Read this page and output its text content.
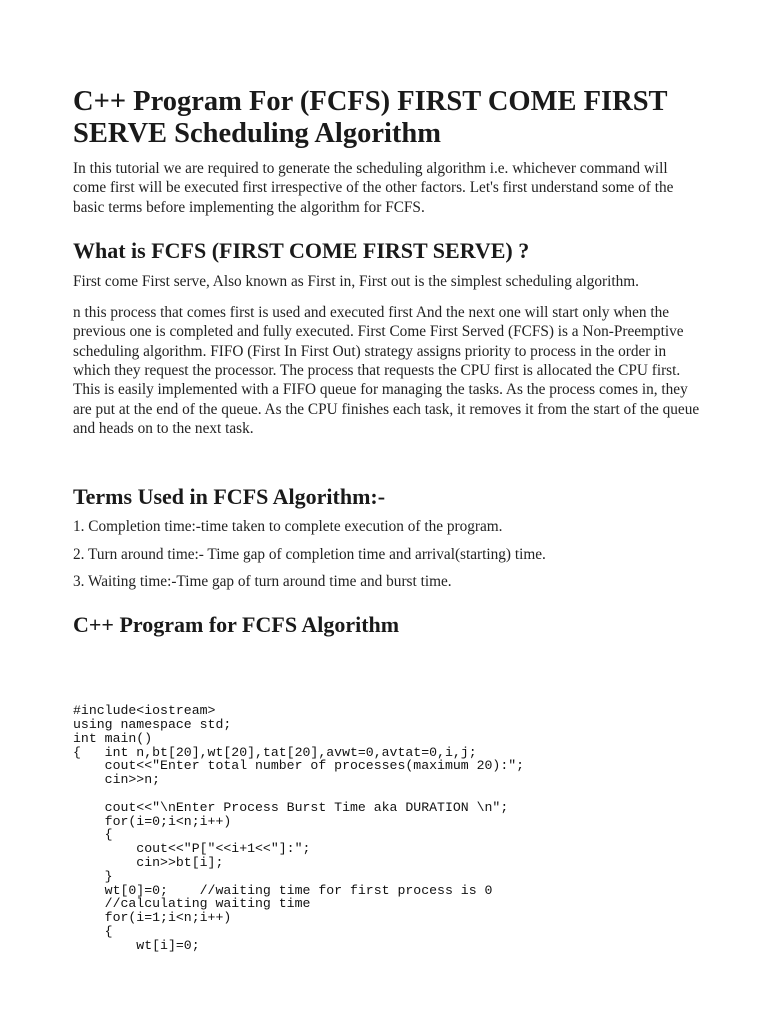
C++ Program For (FCFS) FIRST COME FIRST SERVE Scheduling Algorithm

In this tutorial we are required to generate the scheduling algorithm i.e. whichever command will come first will be executed first irrespective of the other factors. Let's first understand some of the basic terms before implementing the algorithm for FCFS.

What is FCFS (FIRST COME FIRST SERVE) ?

First come First serve, Also known as First in, First out is the simplest scheduling algorithm.

n this process that comes first is used and executed first And the next one will start only when the previous one is completed and fully executed. First Come First Served (FCFS) is a Non-Preemptive scheduling algorithm. FIFO (First In First Out) strategy assigns priority to process in the order in which they request the processor. The process that requests the CPU first is allocated the CPU first. This is easily implemented with a FIFO queue for managing the tasks. As the process comes in, they are put at the end of the queue. As the CPU finishes each task, it removes it from the start of the queue and heads on to the next task.

Terms Used in FCFS Algorithm:-

1. Completion time:-time taken to complete execution of the program.

2. Turn around time:- Time gap of completion time and arrival(starting) time.

3. Waiting time:-Time gap of turn around time and burst time.

C++ Program for FCFS Algorithm
#include<iostream>
using namespace std;
int main()
{   int n,bt[20],wt[20],tat[20],avwt=0,avtat=0,i,j;
cout<<"Enter total number of processes(maximum 20):";
cin>>n;

cout<<"\nEnter Process Burst Time aka DURATION \n";
for(i=0;i<n;i++)
{
cout<<"P["<<i+1<<"]:";
cin>>bt[i];
}
wt[0]=0;    //waiting time for first process is 0
//calculating waiting time
for(i=1;i<n;i++)
{
wt[i]=0;
